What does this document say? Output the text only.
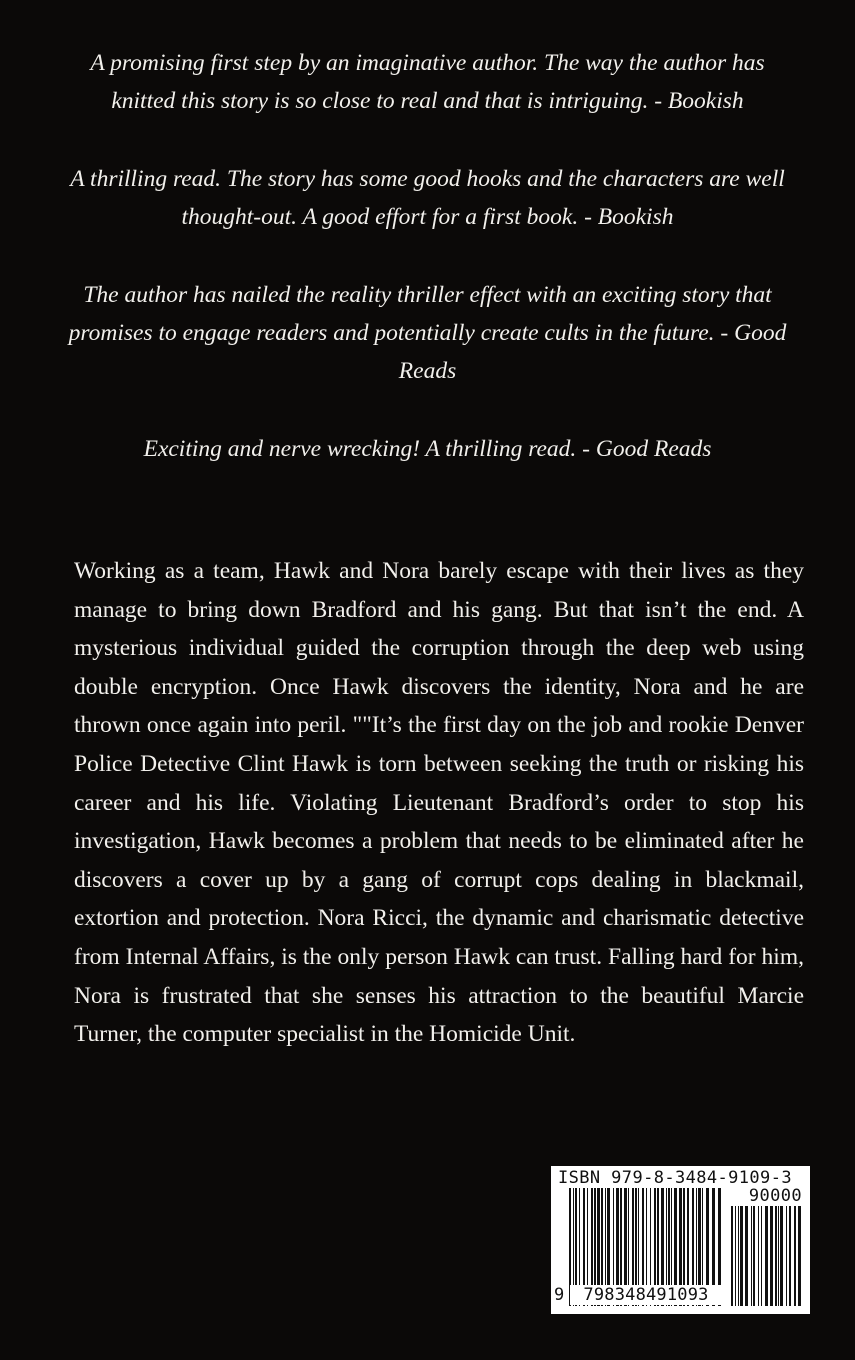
A promising first step by an imaginative author. The way the author has knitted this story is so close to real and that is intriguing. - Bookish

A thrilling read. The story has some good hooks and the characters are well thought-out. A good effort for a first book. - Bookish

The author has nailed the reality thriller effect with an exciting story that promises to engage readers and potentially create cults in the future. - Good Reads

Exciting and nerve wrecking! A thrilling read. - Good Reads

Working as a team, Hawk and Nora barely escape with their lives as they manage to bring down Bradford and his gang. But that isn’t the end. A mysterious individual guided the corruption through the deep web using double encryption. Once Hawk discovers the identity, Nora and he are thrown once again into peril. ""It’s the first day on the job and rookie Denver Police Detective Clint Hawk is torn between seeking the truth or risking his career and his life. Violating Lieutenant Bradford’s order to stop his investigation, Hawk becomes a problem that needs to be eliminated after he discovers a cover up by a gang of corrupt cops dealing in blackmail, extortion and protection. Nora Ricci, the dynamic and charismatic detective from Internal Affairs, is the only person Hawk can trust. Falling hard for him, Nora is frustrated that she senses his attraction to the beautiful Marcie Turner, the computer specialist in the Homicide Unit.

ISBN 979-8-3484-9109-3
90000
9	798348491093
